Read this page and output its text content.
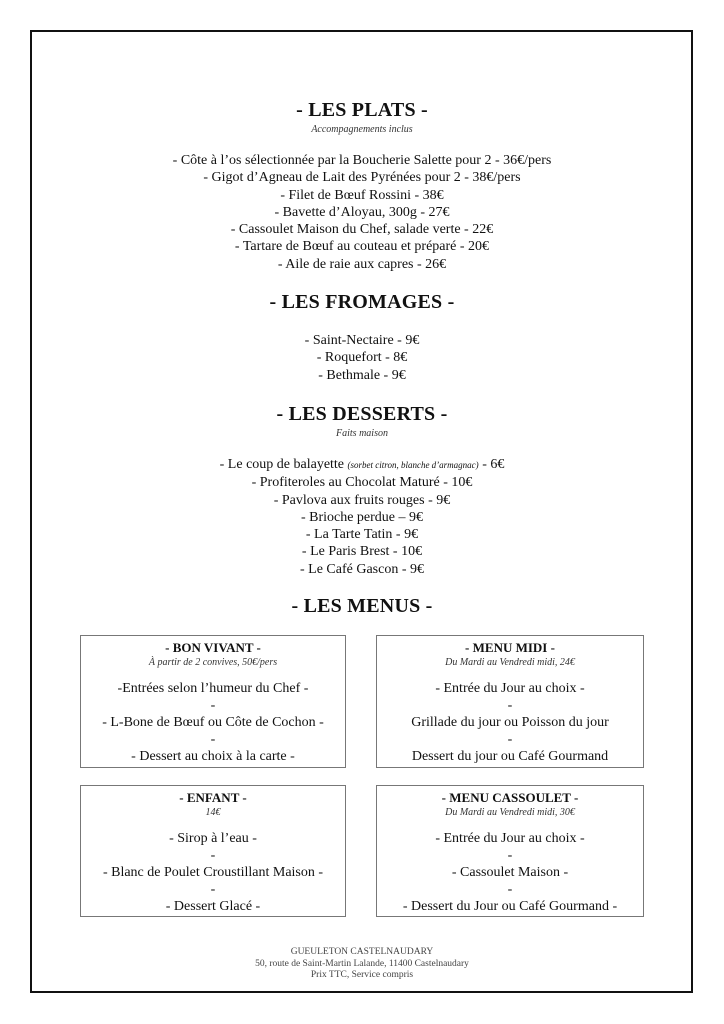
- LES PLATS -
Accompagnements inclus
- Côte à l’os sélectionnée par la Boucherie Salette pour 2 - 36€/pers
- Gigot d’Agneau de Lait des Pyrénées pour 2 - 38€/pers
- Filet de Bœuf Rossini - 38€
- Bavette d’Aloyau, 300g - 27€
- Cassoulet Maison du Chef, salade verte - 22€
- Tartare de Bœuf au couteau et préparé - 20€
- Aile de raie aux capres - 26€
- LES FROMAGES -
- Saint-Nectaire - 9€
- Roquefort - 8€
- Bethmale - 9€
- LES DESSERTS -
Faits maison
- Le coup de balayette (sorbet citron, blanche d’armagnac) - 6€
- Profiteroles au Chocolat Maturé - 10€
- Pavlova aux fruits rouges - 9€
- Brioche perdue – 9€
- La Tarte Tatin - 9€
- Le Paris Brest - 10€
- Le Café Gascon - 9€
- LES MENUS -
- BON VIVANT -
À partir de 2 convives, 50€/pers
-Entrées selon l’humeur du Chef -
-
- L-Bone de Bœuf ou Côte de Cochon -
-
- Dessert au choix à la carte -
- MENU MIDI -
Du Mardi au Vendredi midi, 24€
- Entrée du Jour au choix -
-
Grillade du jour ou Poisson du jour
-
Dessert du jour ou Café Gourmand
- ENFANT -
14€
- Sirop à l’eau -
-
- Blanc de Poulet Croustillant Maison -
-
- Dessert Glacé -
- MENU CASSOULET -
Du Mardi au Vendredi midi, 30€
- Entrée du Jour au choix -
-
- Cassoulet Maison -
-
- Dessert du Jour ou Café Gourmand -
GUEULETON CASTELNAUDARY
50, route de Saint-Martin Lalande, 11400 Castelnaudary
Prix TTC, Service compris
